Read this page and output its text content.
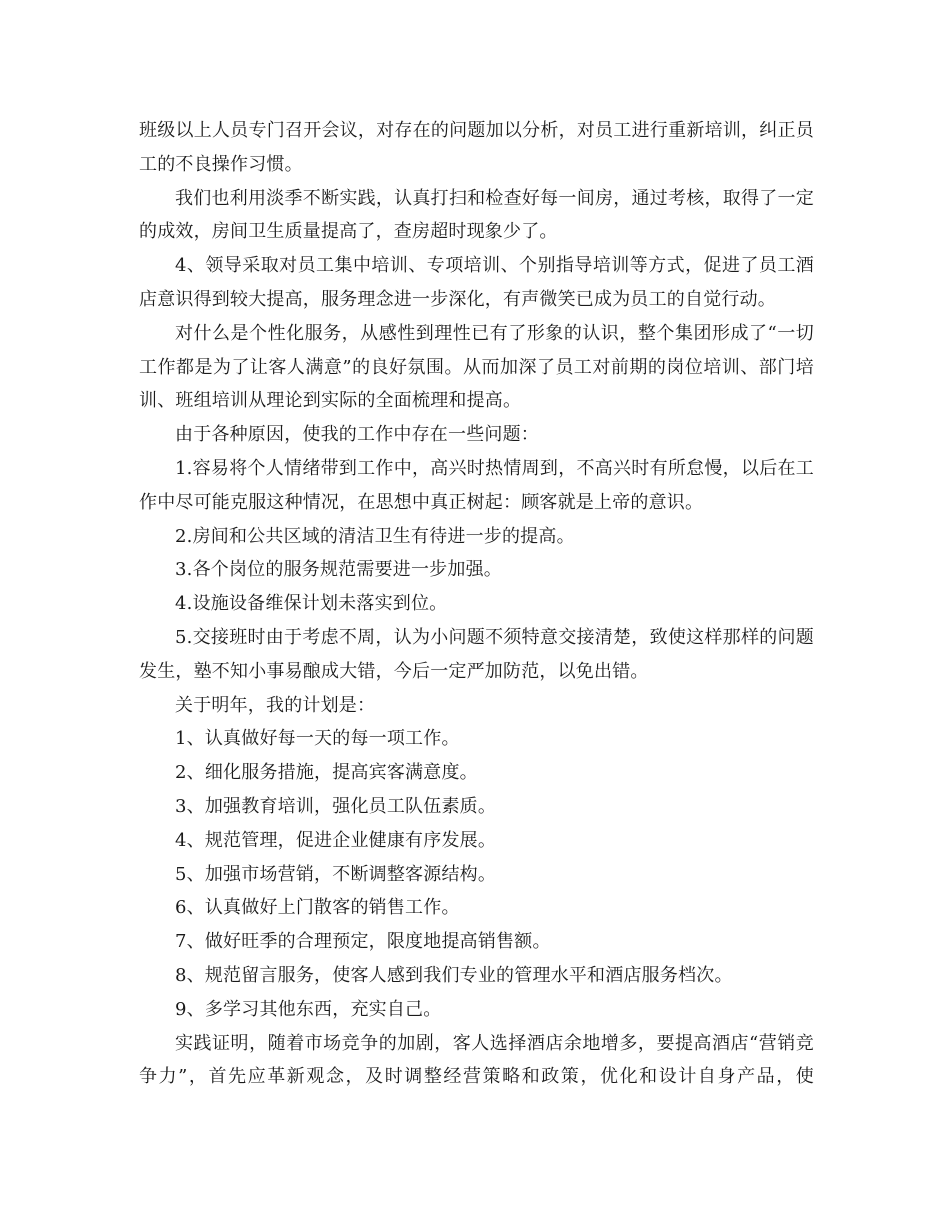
班级以上人员专门召开会议，对存在的问题加以分析，对员工进行重新培训，纠正员工的不良操作习惯。

我们也利用淡季不断实践，认真打扫和检查好每一间房，通过考核，取得了一定的成效，房间卫生质量提高了，查房超时现象少了。

4、领导采取对员工集中培训、专项培训、个别指导培训等方式，促进了员工酒店意识得到较大提高，服务理念进一步深化，有声微笑已成为员工的自觉行动。

对什么是个性化服务，从感性到理性已有了形象的认识，整个集团形成了“一切工作都是为了让客人满意”的良好氛围。从而加深了员工对前期的岗位培训、部门培训、班组培训从理论到实际的全面梳理和提高。

由于各种原因，使我的工作中存在一些问题：

1.容易将个人情绪带到工作中，高兴时热情周到，不高兴时有所怠慢，以后在工作中尽可能克服这种情况，在思想中真正树起：顾客就是上帝的意识。

2.房间和公共区域的清洁卫生有待进一步的提高。

3.各个岗位的服务规范需要进一步加强。

4.设施设备维保计划未落实到位。

5.交接班时由于考虑不周，认为小问题不须特意交接清楚，致使这样那样的问题发生，塾不知小事易酿成大错，今后一定严加防范，以免出错。

关于明年，我的计划是：

1、认真做好每一天的每一项工作。

2、细化服务措施，提高宾客满意度。

3、加强教育培训，强化员工队伍素质。

4、规范管理，促进企业健康有序发展。

5、加强市场营销，不断调整客源结构。

6、认真做好上门散客的销售工作。

7、做好旺季的合理预定，限度地提高销售额。

8、规范留言服务，使客人感到我们专业的管理水平和酒店服务档次。

9、多学习其他东西，充实自己。

实践证明，随着市场竞争的加剧，客人选择酒店余地增多，要提高酒店“营销竞争力”，首先应革新观念，及时调整经营策略和政策，优化和设计自身产品，使
